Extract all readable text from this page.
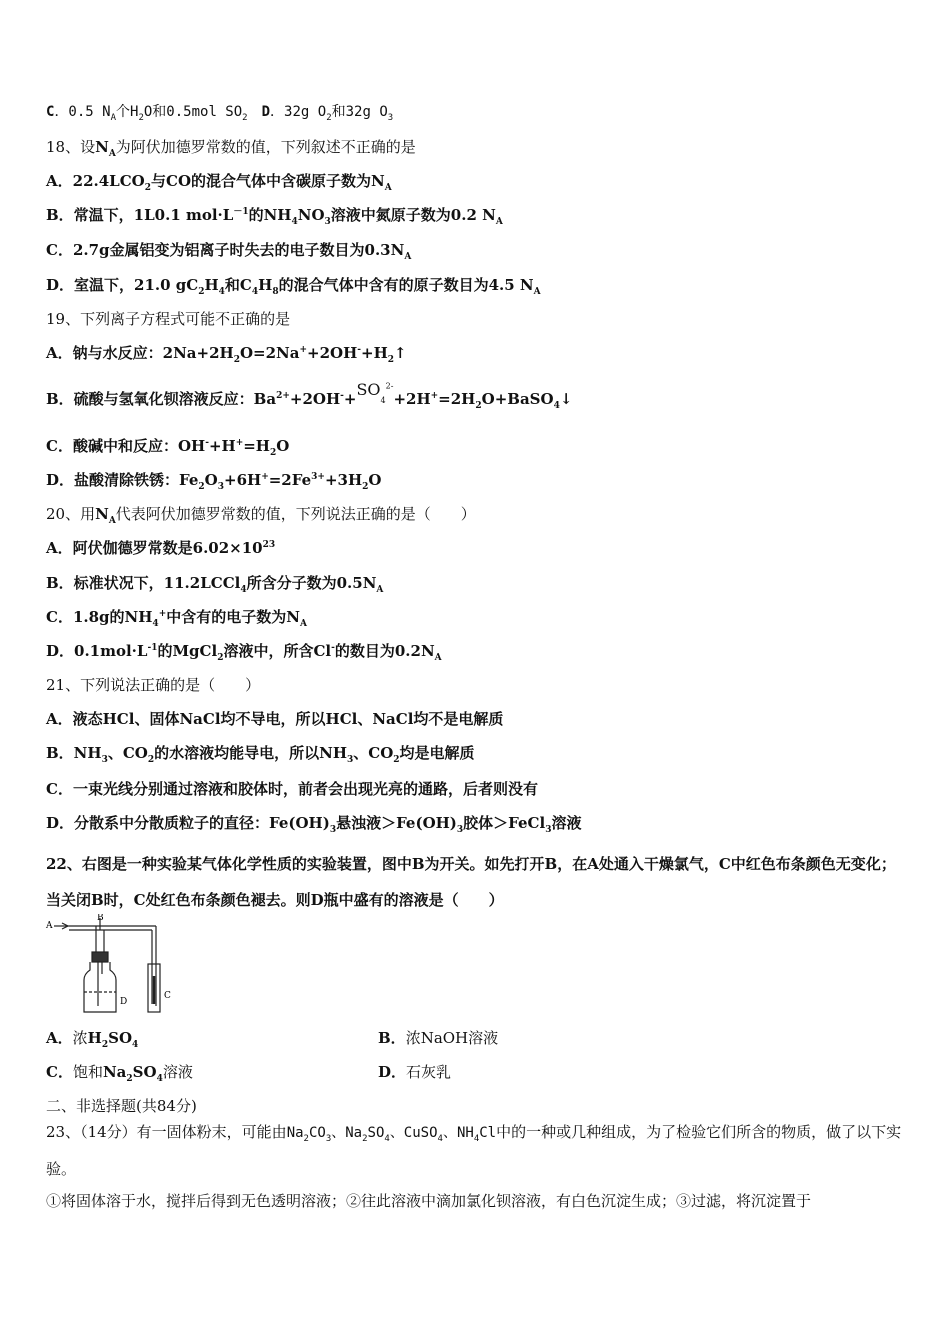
C．0.5 $N_A$个$H_2O$和0.5mol $SO_2$　 D．32g $O_2$和32g $O_3$
18、设$N_A$为阿伏加德罗常数的值，下列叙述不正确的是
A．$22.4LCO_2$与CO的混合气体中含碳原子数为$N_A$
B．常温下，1L0.1 $mol\cdot L^{-1}$的$NH_4NO_3$溶液中氮原子数为0.2 $N_A$
C．2.7g金属铝变为铝离子时失去的电子数目为$0.3N_A$
D．室温下，21.0 $gC_2H_4$和$C_4H_8$的混合气体中含有的原子数目为4.5 $N_A$
19、下列离子方程式可能不正确的是
A．钠与水反应：$2Na+2H_2O=2Na^++2OH^-+H_2↑$
B．硫酸与氢氧化钡溶液反应：$Ba^{2+}+2OH^-+SO_4^{2-}+2H^+=2H_2O+BaSO_4↓$
C．酸碱中和反应：$OH^-+H^+=H_2O$
D．盐酸清除铁锈：$Fe_2O_3+6H^+=2Fe^{3+}+3H_2O$
20、用$N_A$代表阿伏加德罗常数的值，下列说法正确的是（　　）
A．阿伏伽德罗常数是$6.02\times 10^{23}$
B．标准状况下，11.2LCCl$_4$所含分子数为$0.5N_A$
C．1.8g的$NH_4^+$中含有的电子数为$N_A$
D．$0.1mol\cdot L^{-1}$的MgCl$_2$溶液中，所含Cl-的数目为$0.2N_A$
21、下列说法正确的是（　　）
A．液态HCl、固体NaCl均不导电，所以HCl、NaCl均不是电解质
B．$NH_3$、$CO_2$的水溶液均能导电，所以$NH_3$、$CO_2$均是电解质
C．一束光线分别通过溶液和胶体时，前者会出现光亮的通路，后者则没有
D．分散系中分散质粒子的直径：$Fe(OH)_3$悬浊液$>Fe(OH)_3$胶体＞FeCl$_3$溶液
22、右图是一种实验某气体化学性质的实验装置，图中B为开关。如先打开B，在A处通入干燥氯气，C中红色布条颜色无变化；当关闭B时，C处红色布条颜色褪去。则D瓶中盛有的溶液是（　　）
A
B
C
D
A．浓$H_2SO_4$	B．浓NaOH溶液
C．饱和$Na_2SO_4$溶液	D．石灰乳
二、非选择题(共84分)
23、（14分）有一固体粉末，可能由$Na_2CO_3$、$Na_2SO_4$、CuSO$_4$、$NH_4Cl$中的一种或几种组成，为了检验它们所含的物质，做了以下实验。
①将固体溶于水，搅拌后得到无色透明溶液；②往此溶液中滴加氯化钡溶液，有白色沉淀生成；③过滤，将沉淀置于
